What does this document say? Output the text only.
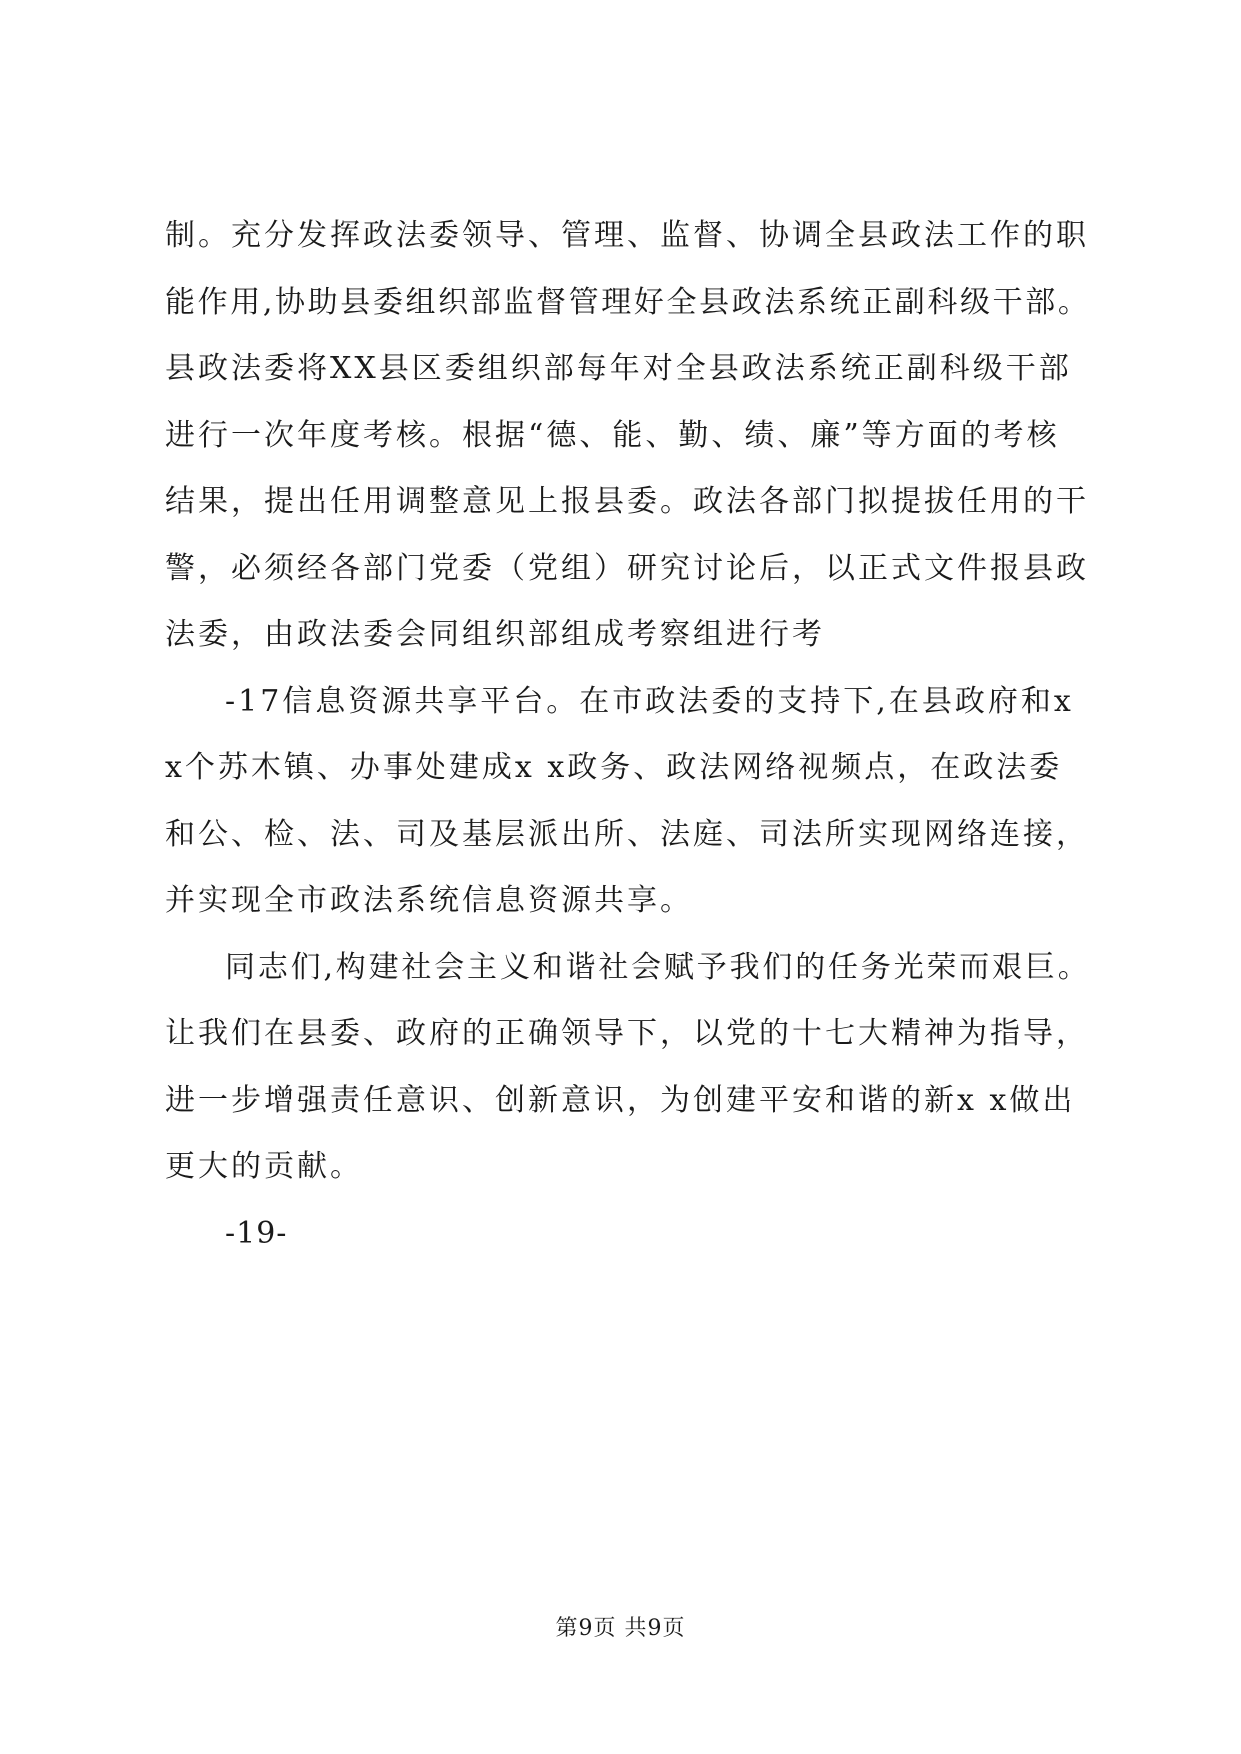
制。充分发挥政法委领导、管理、监督、协调全县政法工作的职
能作用,协助县委组织部监督管理好全县政法系统正副科级干部。
县政法委将XX县区委组织部每年对全县政法系统正副科级干部
进行一次年度考核。根据“德、能、勤、绩、廉”等方面的考核
结果，提出任用调整意见上报县委。政法各部门拟提拔任用的干
警，必须经各部门党委（党组）研究讨论后，以正式文件报县政
法委，由政法委会同组织部组成考察组进行考
-17信息资源共享平台。在市政法委的支持下,在县政府和x
x个苏木镇、办事处建成x x政务、政法网络视频点，在政法委
和公、检、法、司及基层派出所、法庭、司法所实现网络连接，
并实现全市政法系统信息资源共享。
同志们,构建社会主义和谐社会赋予我们的任务光荣而艰巨。
让我们在县委、政府的正确领导下，以党的十七大精神为指导，
进一步增强责任意识、创新意识，为创建平安和谐的新x x做出
更大的贡献。
-19-
第9页 共9页
